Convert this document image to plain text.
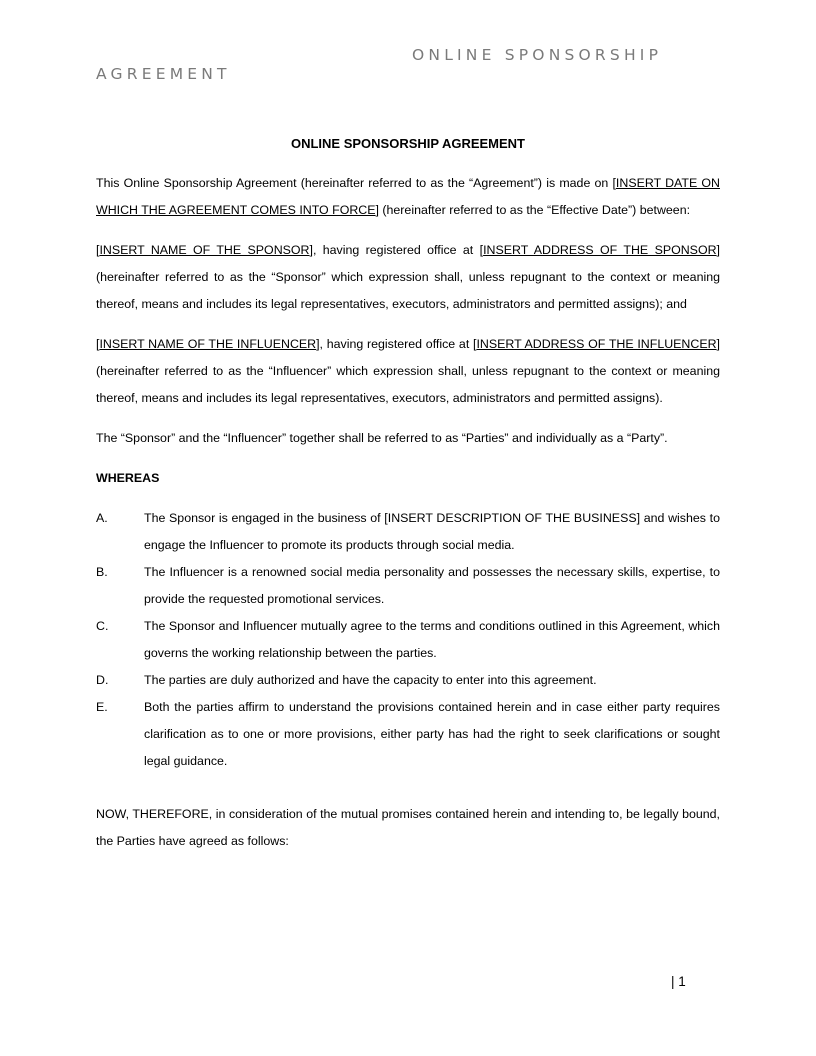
ONLINE SPONSORSHIP
AGREEMENT
ONLINE SPONSORSHIP AGREEMENT
This Online Sponsorship Agreement (hereinafter referred to as the “Agreement”) is made on [INSERT DATE ON WHICH THE AGREEMENT COMES INTO FORCE] (hereinafter referred to as the “Effective Date”) between:
[INSERT NAME OF THE SPONSOR], having registered office at [INSERT ADDRESS OF THE SPONSOR] (hereinafter referred to as the “Sponsor” which expression shall, unless repugnant to the context or meaning thereof, means and includes its legal representatives, executors, administrators and permitted assigns); and
[INSERT NAME OF THE INFLUENCER], having registered office at [INSERT ADDRESS OF THE INFLUENCER] (hereinafter referred to as the “Influencer” which expression shall, unless repugnant to the context or meaning thereof, means and includes its legal representatives, executors, administrators and permitted assigns).
The “Sponsor” and the “Influencer” together shall be referred to as “Parties” and individually as a “Party”.
WHEREAS
A.	The Sponsor is engaged in the business of [INSERT DESCRIPTION OF THE BUSINESS] and wishes to engage the Influencer to promote its products through social media.
B.	The Influencer is a renowned social media personality and possesses the necessary skills, expertise, to provide the requested promotional services.
C.	The Sponsor and Influencer mutually agree to the terms and conditions outlined in this Agreement, which governs the working relationship between the parties.
D.	The parties are duly authorized and have the capacity to enter into this agreement.
E.	Both the parties affirm to understand the provisions contained herein and in case either party requires clarification as to one or more provisions, either party has had the right to seek clarifications or sought legal guidance.
NOW, THEREFORE, in consideration of the mutual promises contained herein and intending to, be legally bound, the Parties have agreed as follows:
| 1
